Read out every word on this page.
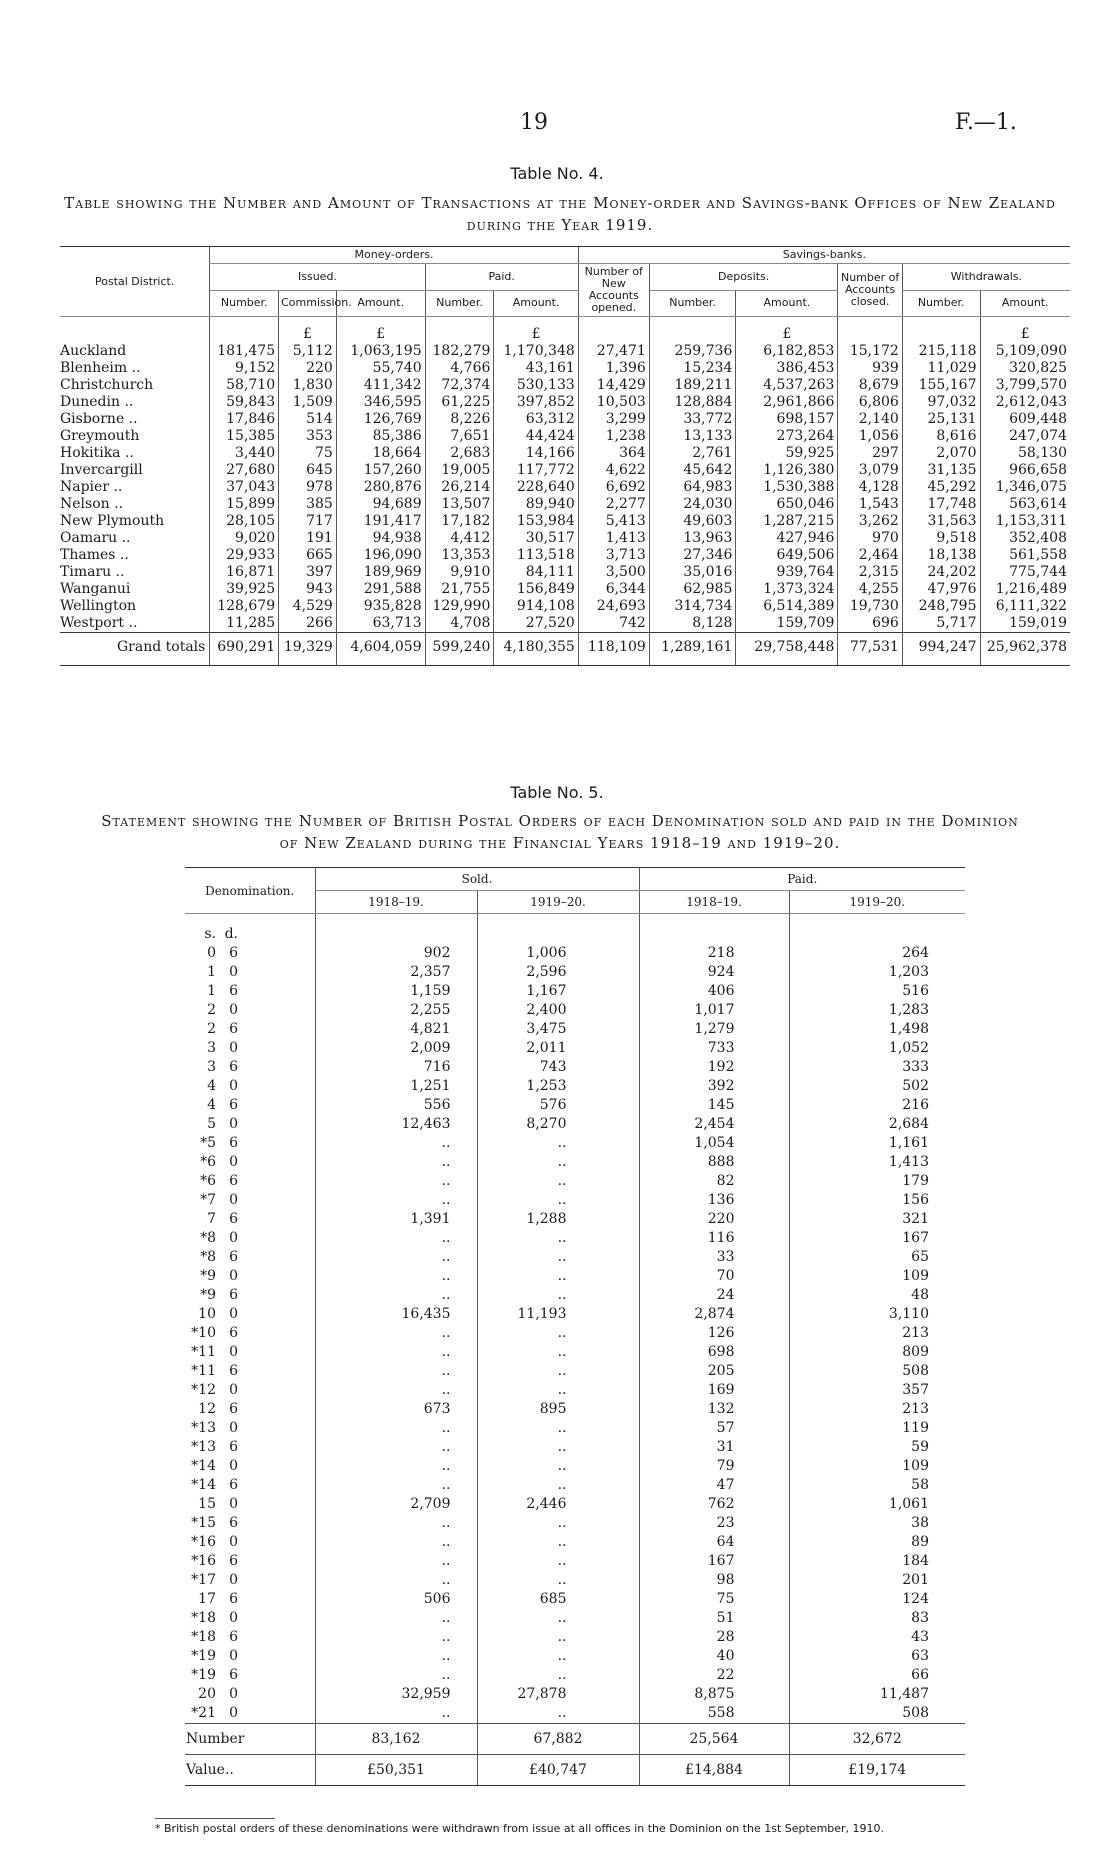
19	F.—1.
Table No. 4.
Table showing the Number and Amount of Transactions at the Money-order and Savings-bank Offices of New Zealand during the Year 1919.
Postal District.	Money-orders.					Savings-banks.					
	Issued.			Paid.		Number of New Accounts opened.	Deposits.		Number of Accounts closed.	Withdrawals.	
	Number.	Commission.	Amount.	Number.	Amount.		Number.	Amount.		Number.	Amount.
		£	£		£			£			£
Auckland	181,475	5,112	1,063,195	182,279	1,170,348	27,471	259,736	6,182,853	15,172	215,118	5,109,090
Blenheim ..	9,152	220	55,740	4,766	43,161	1,396	15,234	386,453	939	11,029	320,825
Christchurch	58,710	1,830	411,342	72,374	530,133	14,429	189,211	4,537,263	8,679	155,167	3,799,570
Dunedin ..	59,843	1,509	346,595	61,225	397,852	10,503	128,884	2,961,866	6,806	97,032	2,612,043
Gisborne ..	17,846	514	126,769	8,226	63,312	3,299	33,772	698,157	2,140	25,131	609,448
Greymouth	15,385	353	85,386	7,651	44,424	1,238	13,133	273,264	1,056	8,616	247,074
Hokitika ..	3,440	75	18,664	2,683	14,166	364	2,761	59,925	297	2,070	58,130
Invercargill	27,680	645	157,260	19,005	117,772	4,622	45,642	1,126,380	3,079	31,135	966,658
Napier ..	37,043	978	280,876	26,214	228,640	6,692	64,983	1,530,388	4,128	45,292	1,346,075
Nelson ..	15,899	385	94,689	13,507	89,940	2,277	24,030	650,046	1,543	17,748	563,614
New Plymouth	28,105	717	191,417	17,182	153,984	5,413	49,603	1,287,215	3,262	31,563	1,153,311
Oamaru ..	9,020	191	94,938	4,412	30,517	1,413	13,963	427,946	970	9,518	352,408
Thames ..	29,933	665	196,090	13,353	113,518	3,713	27,346	649,506	2,464	18,138	561,558
Timaru ..	16,871	397	189,969	9,910	84,111	3,500	35,016	939,764	2,315	24,202	775,744
Wanganui	39,925	943	291,588	21,755	156,849	6,344	62,985	1,373,324	4,255	47,976	1,216,489
Wellington	128,679	4,529	935,828	129,990	914,108	24,693	314,734	6,514,389	19,730	248,795	6,111,322
Westport ..	11,285	266	63,713	4,708	27,520	742	8,128	159,709	696	5,717	159,019
Grand totals	690,291	19,329	4,604,059	599,240	4,180,355	118,109	1,289,161	29,758,448	77,531	994,247	25,962,378
Table No. 5.
Statement showing the Number of British Postal Orders of each Denomination sold and paid in the Dominion of New Zealand during the Financial Years 1918–19 and 1919–20.
Denomination.	Sold.		Paid.	
	1918–19.	1919–20.	1918–19.	1919–20.
s. d.				
0 6	902	1,006	218	264
1 0	2,357	2,596	924	1,203
1 6	1,159	1,167	406	516
2 0	2,255	2,400	1,017	1,283
2 6	4,821	3,475	1,279	1,498
3 0	2,009	2,011	733	1,052
3 6	716	743	192	333
4 0	1,251	1,253	392	502
4 6	556	576	145	216
5 0	12,463	8,270	2,454	2,684
*5 6	..	..	1,054	1,161
*6 0	..	..	888	1,413
*6 6	..	..	82	179
*7 0	..	..	136	156
7 6	1,391	1,288	220	321
*8 0	..	..	116	167
*8 6	..	..	33	65
*9 0	..	..	70	109
*9 6	..	..	24	48
10 0	16,435	11,193	2,874	3,110
*10 6	..	..	126	213
*11 0	..	..	698	809
*11 6	..	..	205	508
*12 0	..	..	169	357
12 6	673	895	132	213
*13 0	..	..	57	119
*13 6	..	..	31	59
*14 0	..	..	79	109
*14 6	..	..	47	58
15 0	2,709	2,446	762	1,061
*15 6	..	..	23	38
*16 0	..	..	64	89
*16 6	..	..	167	184
*17 0	..	..	98	201
17 6	506	685	75	124
*18 0	..	..	51	83
*18 6	..	..	28	43
*19 0	..	..	40	63
*19 6	..	..	22	66
20 0	32,959	27,878	8,875	11,487
*21 0	..	..	558	508
Number	83,162	67,882	25,564	32,672
Value..	£50,351	£40,747	£14,884	£19,174
* British postal orders of these denominations were withdrawn from issue at all offices in the Dominion on the 1st September, 1910.
